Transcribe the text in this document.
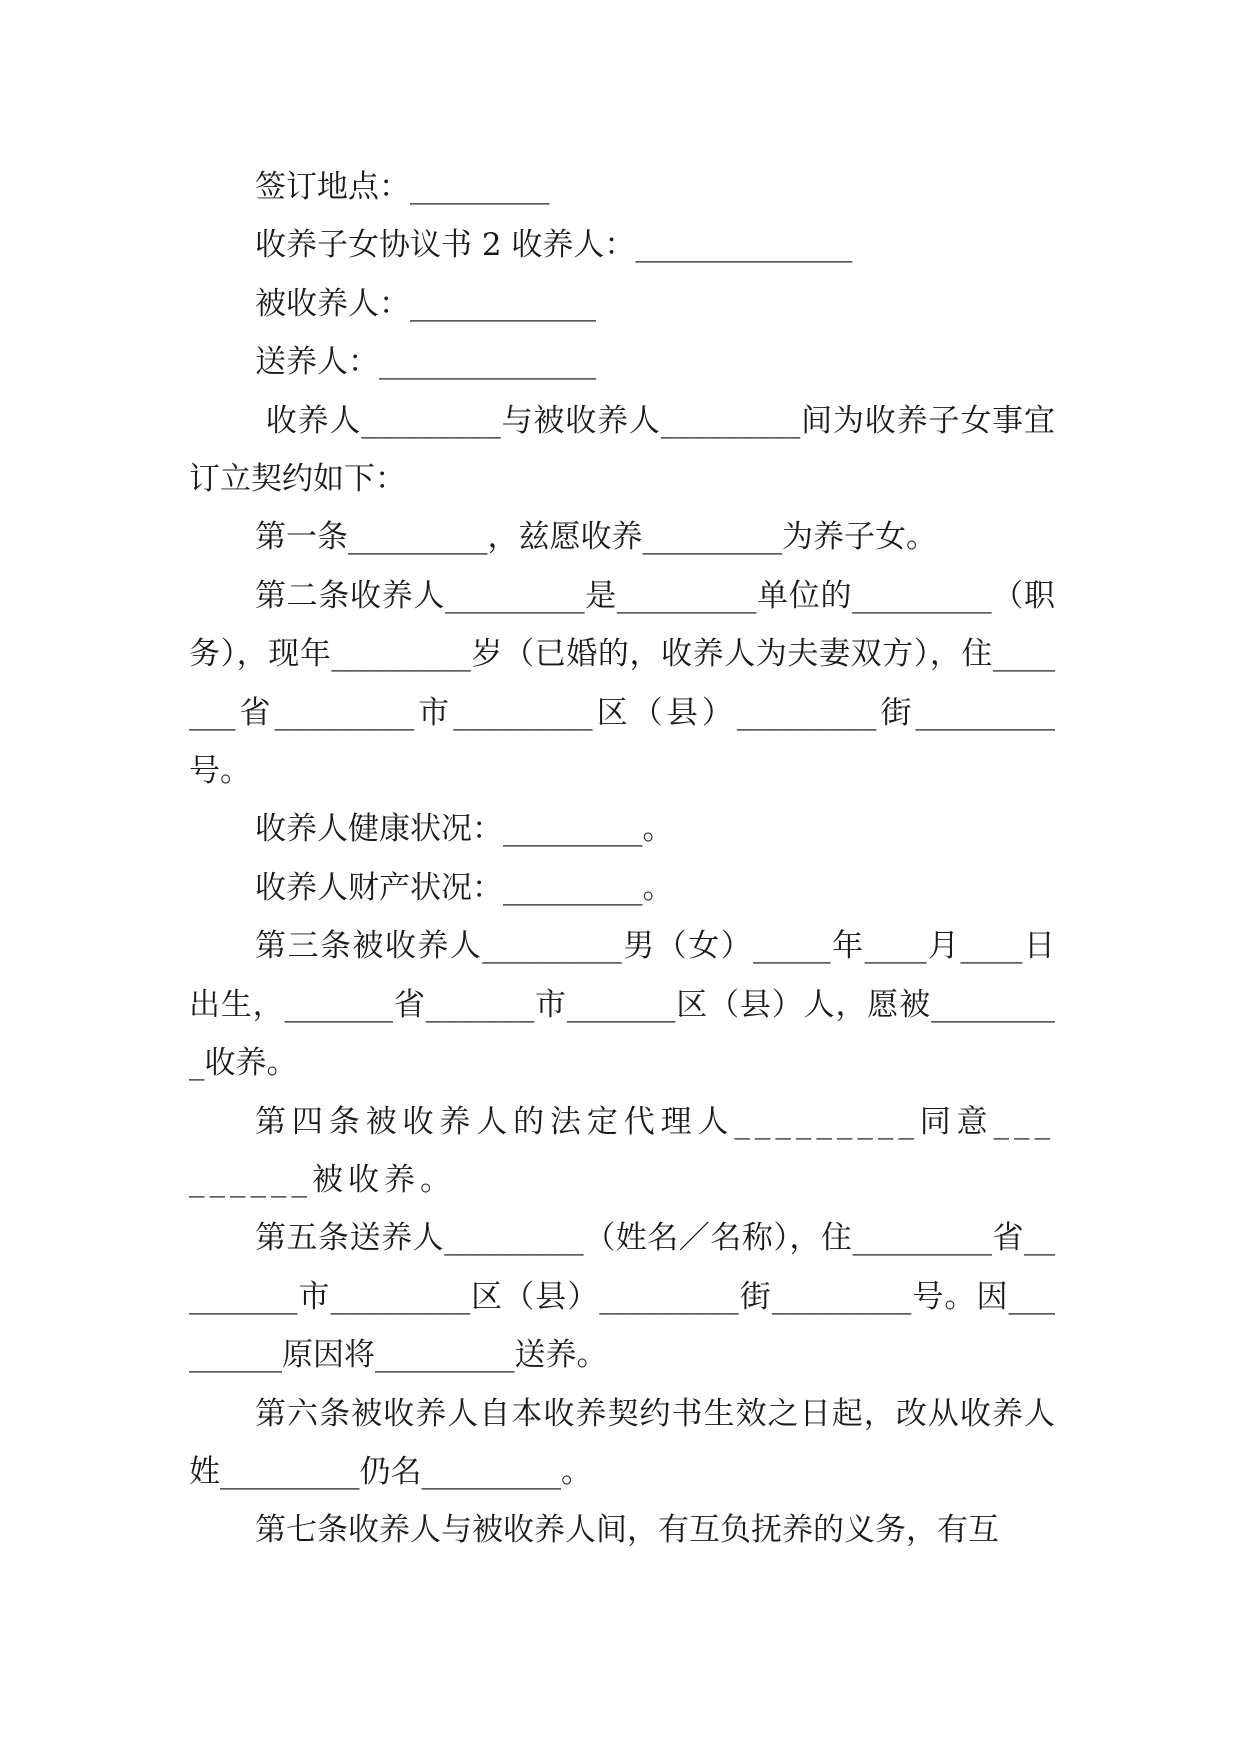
签订地点：_________

收养子女协议书 2 收养人：______________

被收养人：____________

送养人：______________

收养人_________与被收养人_________间为收养子女事宜订立契约如下：

第一条_________，兹愿收养_________为养子女。

第二条收养人_________是_________单位的_________（职务），现年_________岁（已婚的，收养人为夫妻双方），住_______省_________市_________区（县）_________街_________号。

收养人健康状况：_________。

收养人财产状况：_________。

第三条被收养人_________男（女）_____年____月____日出生，_______省_______市_______区（县）人，愿被_________收养。

第四条被收养人的法定代理人_________同意_________被收养。

第五条送养人_________（姓名／名称），住_________省_________市_________区（县）_________街_________号。因_________原因将_________送养。

第六条被收养人自本收养契约书生效之日起，改从收养人姓_________仍名_________。

第七条收养人与被收养人间，有互负抚养的义务，有互
